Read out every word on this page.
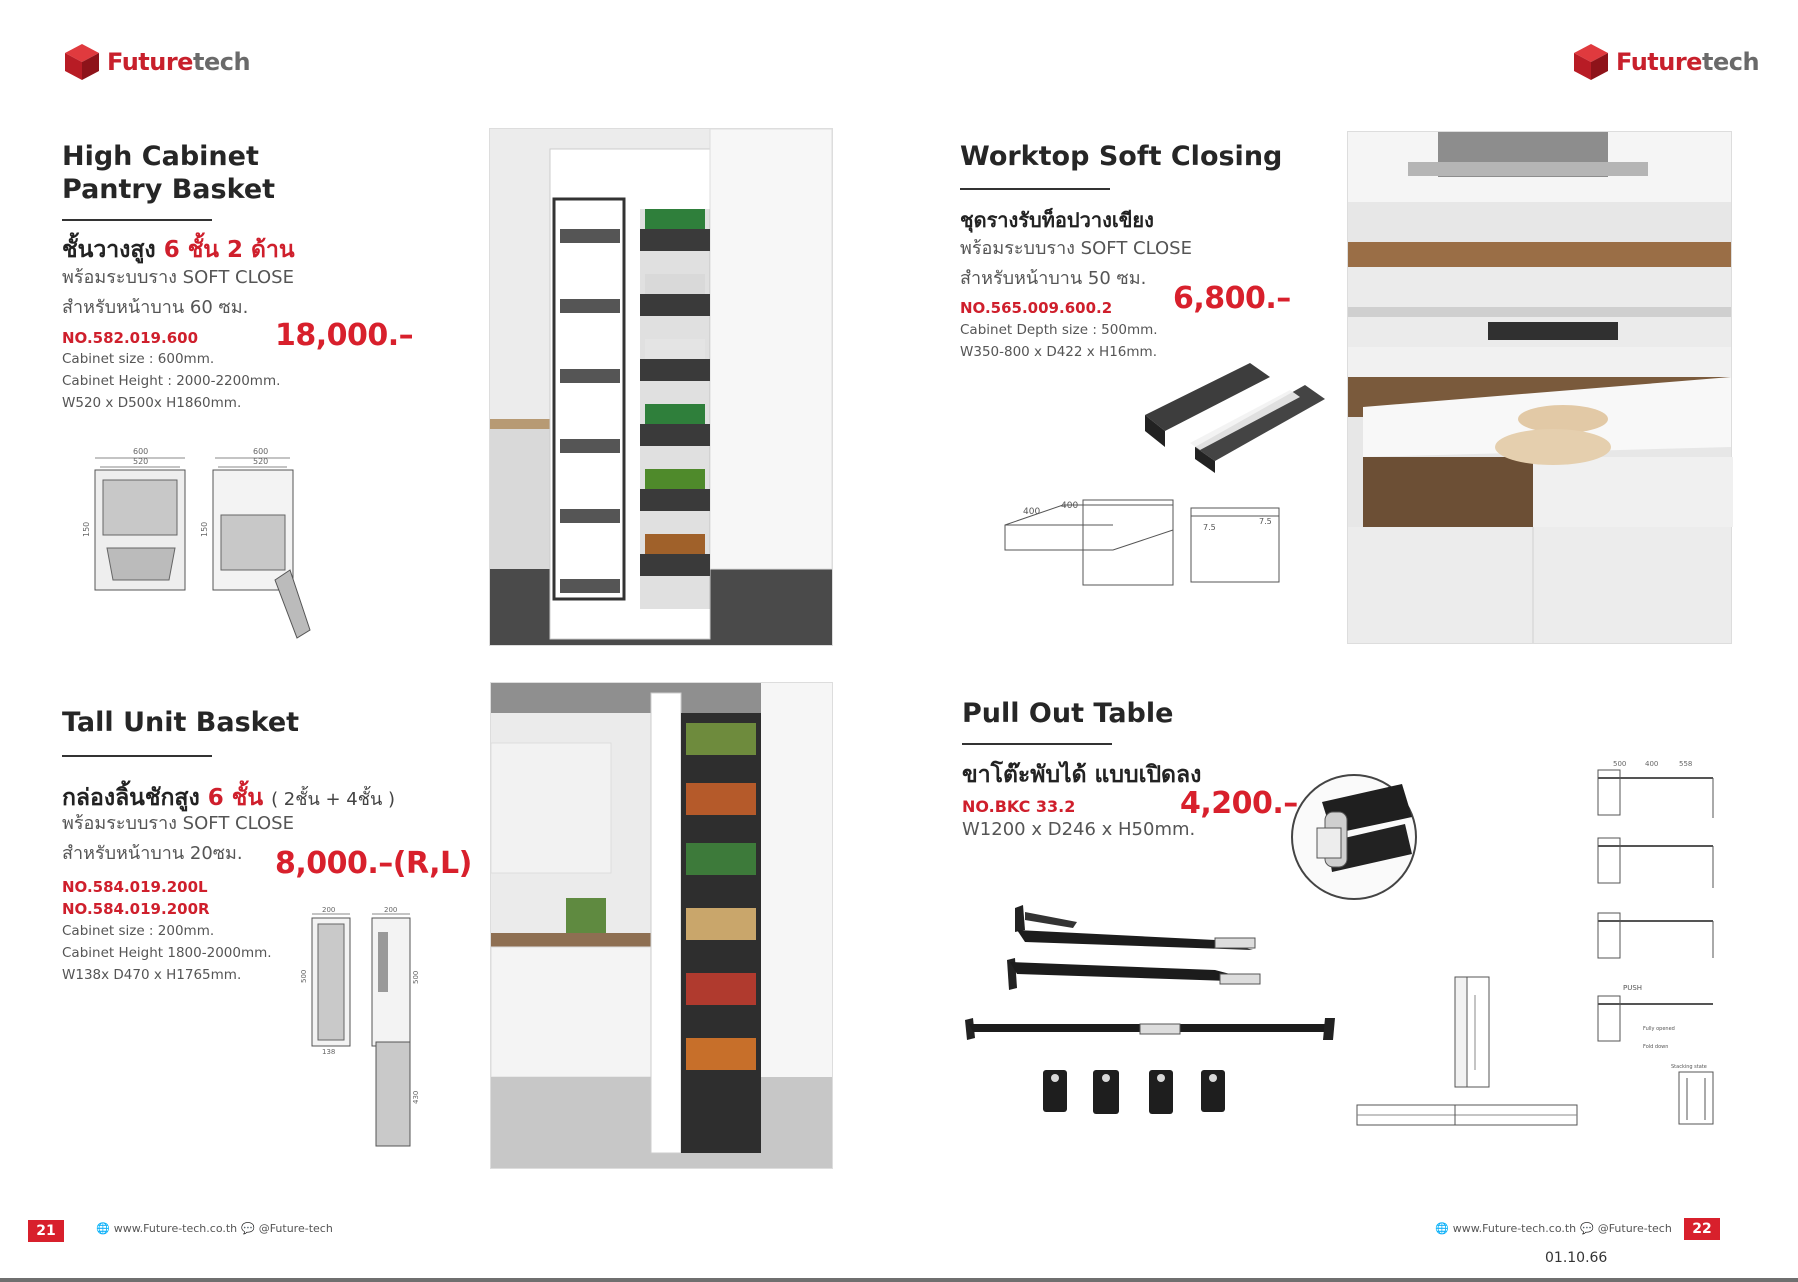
Futuretech	Futuretech
High Cabinet
Pantry Basket
ชั้นวางสูง 6 ชั้น 2 ด้าน
พร้อมระบบราง SOFT CLOSE
สำหรับหน้าบาน 60 ซม.
NO.582.019.600	18,000.–
Cabinet size : 600mm.
Cabinet Height : 2000-2200mm.
W520 x D500x H1860mm.
600
520
150
600
520
150
Worktop Soft Closing
ชุดรางรับท็อปวางเขียง
พร้อมระบบราง SOFT CLOSE
สำหรับหน้าบาน 50 ซม.
NO.565.009.600.2 6,800.–
Cabinet Depth size : 500mm.
W350-800 x D422 x H16mm.
400
400
7.5
7.5
Tall Unit Basket
กล่องลิ้นชักสูง 6 ชั้น ( 2ชั้น + 4ชั้น )
พร้อมระบบราง SOFT CLOSE
สำหรับหน้าบาน 20ซม. 8,000.–(R,L)
NO.584.019.200L
NO.584.019.200R
Cabinet size : 200mm.
Cabinet Height 1800-2000mm.
W138x D470 x H1765mm.
200
500
138
200
500
430
Pull Out Table
ขาโต๊ะพับได้ แบบเปิดลง
NO.BKC 33.2	4,200.–
W1200 x D246 x H50mm.
500	400	558
PUSH
Fully opened
Fold down
Stacking state
21	🌐 www.Future-tech.co.th 💬 @Future-tech	🌐 www.Future-tech.co.th 💬 @Future-tech	22
01.10.66
